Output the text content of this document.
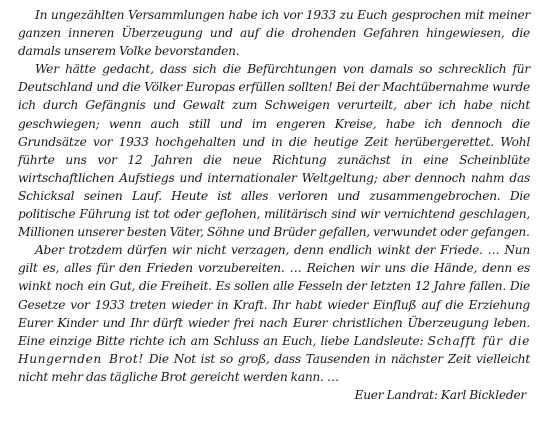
In ungezählten Versammlungen habe ich vor 1933 zu Euch gesprochen mit meiner ganzen inneren Überzeugung und auf die drohenden Gefahren hingewiesen, die damals unserem Volke bevorstanden.

Wer hätte gedacht, dass sich die Befürchtungen von damals so schrecklich für Deutschland und die Völker Europas erfüllen sollten! Bei der Machtübernahme wurde ich durch Gefängnis und Gewalt zum Schweigen verurteilt, aber ich habe nicht geschwiegen; wenn auch still und im engeren Kreise, habe ich dennoch die Grundsätze vor 1933 hochgehalten und in die heutige Zeit herübergerettet. Wohl führte uns vor 12 Jahren die neue Richtung zunächst in eine Scheinblüte wirtschaftlichen Aufstiegs und internationaler Weltgeltung; aber dennoch nahm das Schicksal seinen Lauf. Heute ist alles verloren und zusammengebrochen. Die politische Führung ist tot oder geflohen, militärisch sind wir vernichtend geschlagen, Millionen unserer besten Väter, Söhne und Brüder gefallen, verwundet oder gefangen.

Aber trotzdem dürfen wir nicht verzagen, denn endlich winkt der Friede. … Nun gilt es, alles für den Frieden vorzubereiten. … Reichen wir uns die Hände, denn es winkt noch ein Gut, die Freiheit. Es sollen alle Fesseln der letzten 12 Jahre fallen. Die Gesetze vor 1933 treten wieder in Kraft. Ihr habt wieder Einfluß auf die Erziehung Eurer Kinder und Ihr dürft wieder frei nach Eurer christlichen Überzeugung leben. Eine einzige Bitte richte ich am Schluss an Euch, liebe Landsleute: Schafft für die Hungernden Brot! Die Not ist so groß, dass Tausenden in nächster Zeit vielleicht nicht mehr das tägliche Brot gereicht werden kann. …

Euer Landrat: Karl Bickleder
